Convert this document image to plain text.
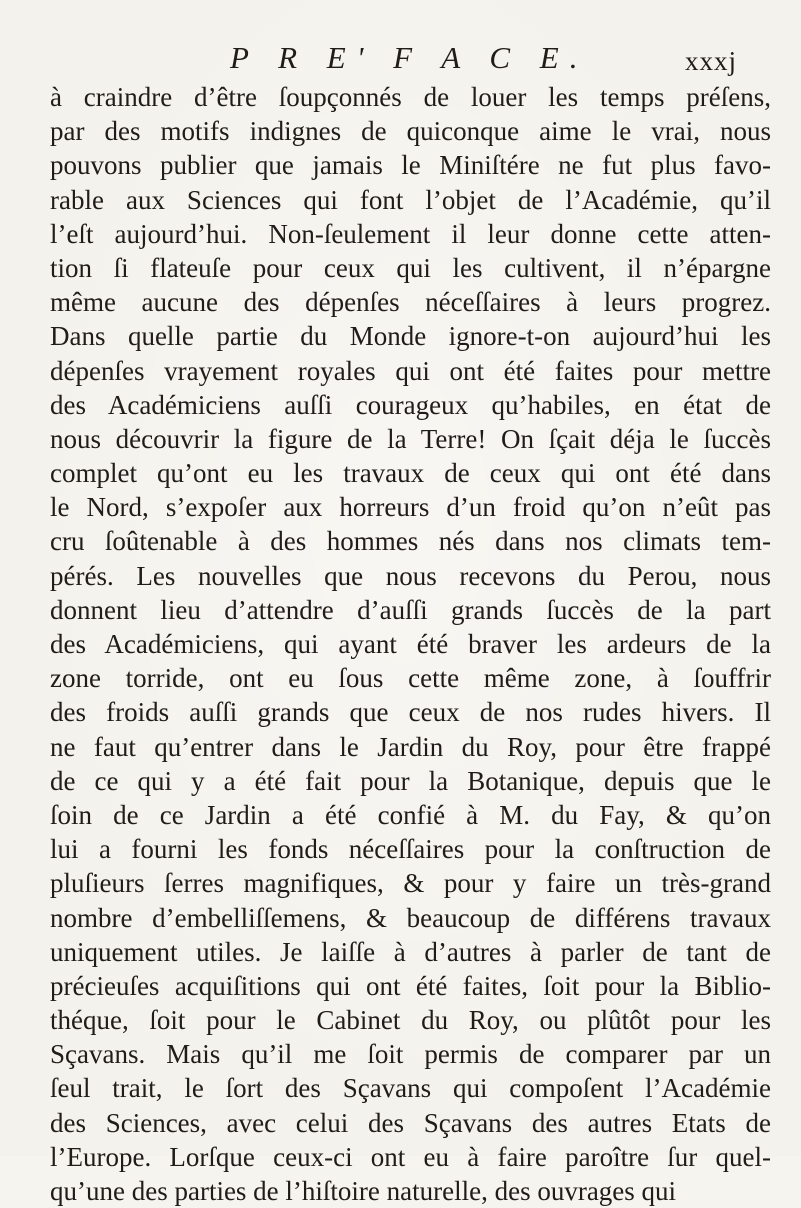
P R E' F A C E.	xxxj
à craindre d’être ſoupçonnés de louer les temps préſens,
par des motifs indignes de quiconque aime le vrai, nous
pouvons publier que jamais le Miniſtére ne fut plus favo-
rable aux Sciences qui font l’objet de l’Académie, qu’il
l’eſt aujourd’hui. Non-ſeulement il leur donne cette atten-
tion ſi flateuſe pour ceux qui les cultivent, il n’épargne
même aucune des dépenſes néceſſaires à leurs progrez.
Dans quelle partie du Monde ignore-t-on aujourd’hui les
dépenſes vrayement royales qui ont été faites pour mettre
des Académiciens auſſi courageux qu’habiles, en état de
nous découvrir la figure de la Terre! On ſçait déja le ſuccès
complet qu’ont eu les travaux de ceux qui ont été dans
le Nord, s’expoſer aux horreurs d’un froid qu’on n’eût pas
cru ſoûtenable à des hommes nés dans nos climats tem-
pérés. Les nouvelles que nous recevons du Perou, nous
donnent lieu d’attendre d’auſſi grands ſuccès de la part
des Académiciens, qui ayant été braver les ardeurs de la
zone torride, ont eu ſous cette même zone, à ſouffrir
des froids auſſi grands que ceux de nos rudes hivers. Il
ne faut qu’entrer dans le Jardin du Roy, pour être frappé
de ce qui y a été fait pour la Botanique, depuis que le
ſoin de ce Jardin a été confié à M. du Fay, & qu’on
lui a fourni les fonds néceſſaires pour la conſtruction de
pluſieurs ſerres magnifiques, & pour y faire un très-grand
nombre d’embelliſſemens, & beaucoup de différens travaux
uniquement utiles. Je laiſſe à d’autres à parler de tant de
précieuſes acquiſitions qui ont été faites, ſoit pour la Biblio-
théque, ſoit pour le Cabinet du Roy, ou plûtôt pour les
Sçavans. Mais qu’il me ſoit permis de comparer par un
ſeul trait, le ſort des Sçavans qui compoſent l’Académie
des Sciences, avec celui des Sçavans des autres Etats de
l’Europe. Lorſque ceux-ci ont eu à faire paroître ſur quel-
qu’une des parties de l’hiſtoire naturelle, des ouvrages qui
